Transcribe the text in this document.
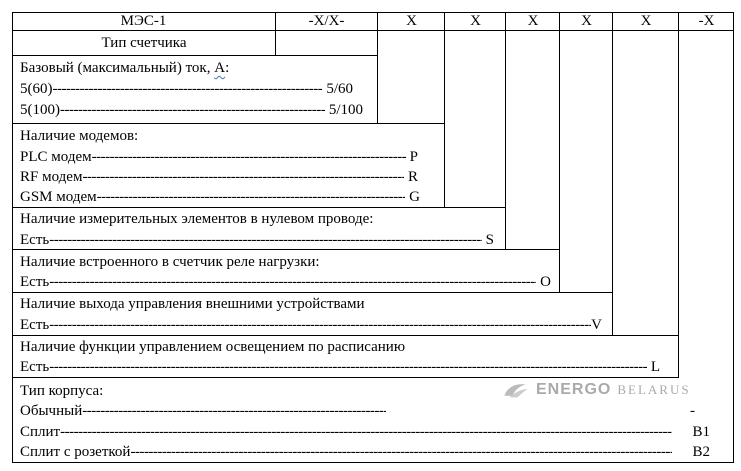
МЭС-1	-X/X-	X	X	X	X	X	-X
Тип счетчика
Базовый (максимальный) ток, А:
5(60) -----	5/60
5(100) -----	5/100
Наличие модемов:
PLC модем -----	P
RF модем -----	R
GSM модем -----	G
Наличие измерительных элементов в нулевом проводе:
Есть -----	S
Наличие встроенного в счетчик реле нагрузки:
Есть -----	O
Наличие выхода управления внешними устройствами
Есть -----	V
Наличие функции управлением освещением по расписанию
Есть -----	L
Тип корпуса:
Обычный -----	-
Сплит -----	B1
Сплит с розеткой -----	B2
ENERGO BELARUS
